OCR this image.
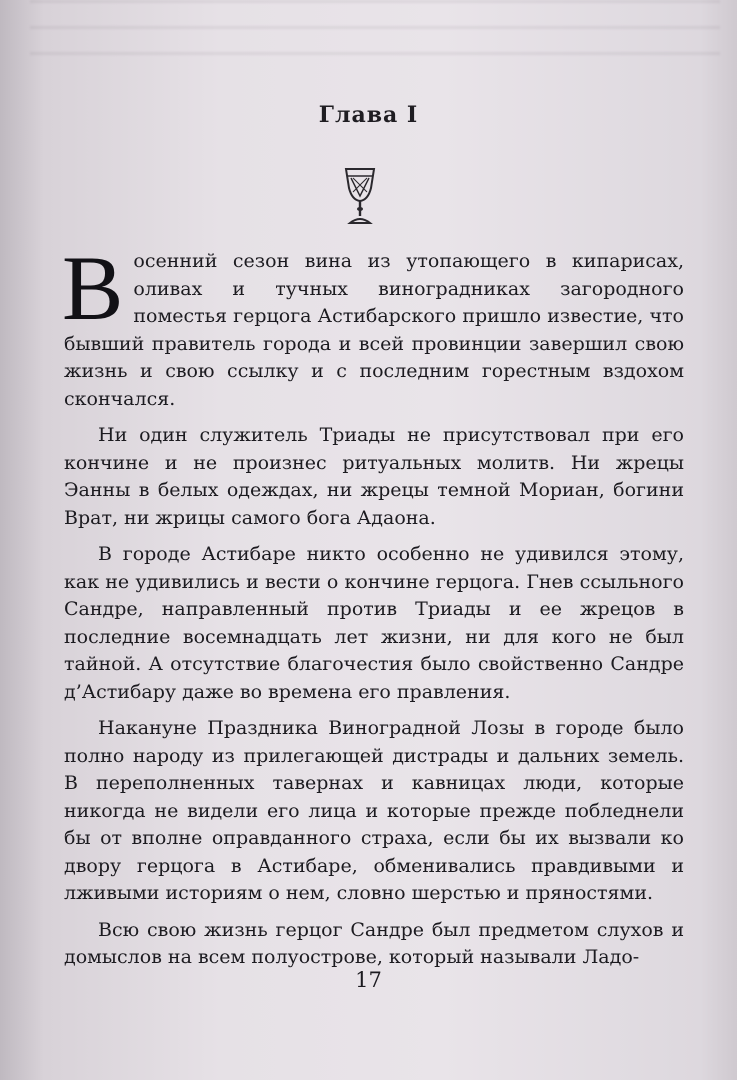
Глава I

Восенний сезон вина из утопающего в кипарисах, оливах и тучных виноградниках загородного поместья герцога Астибарского пришло известие, что бывший правитель города и всей провинции завершил свою жизнь и свою ссылку и с последним горестным вздохом скончался.

Ни один служитель Триады не присутствовал при его кончине и не произнес ритуальных молитв. Ни жрецы Эанны в белых одеждах, ни жрецы темной Мориан, богини Врат, ни жрицы самого бога Адаона.

В городе Астибаре никто особенно не удивился этому, как не удивились и вести о кончине герцога. Гнев ссыльного Сандре, направленный против Триады и ее жрецов в последние восемнадцать лет жизни, ни для кого не был тайной. А отсутствие благочестия было свойственно Сандре д’Астибару даже во времена его правления.

Накануне Праздника Виноградной Лозы в городе было полно народу из прилегающей дистрады и дальних земель. В переполненных тавернах и кавницах люди, которые никогда не видели его лица и которые прежде побледнели бы от вполне оправданного страха, если бы их вызвали ко двору герцога в Астибаре, обменивались правдивыми и лживыми историям о нем, словно шерстью и пряностями.

Всю свою жизнь герцог Сандре был предметом слухов и домыслов на всем полуострове, который называли Ладо-

17
